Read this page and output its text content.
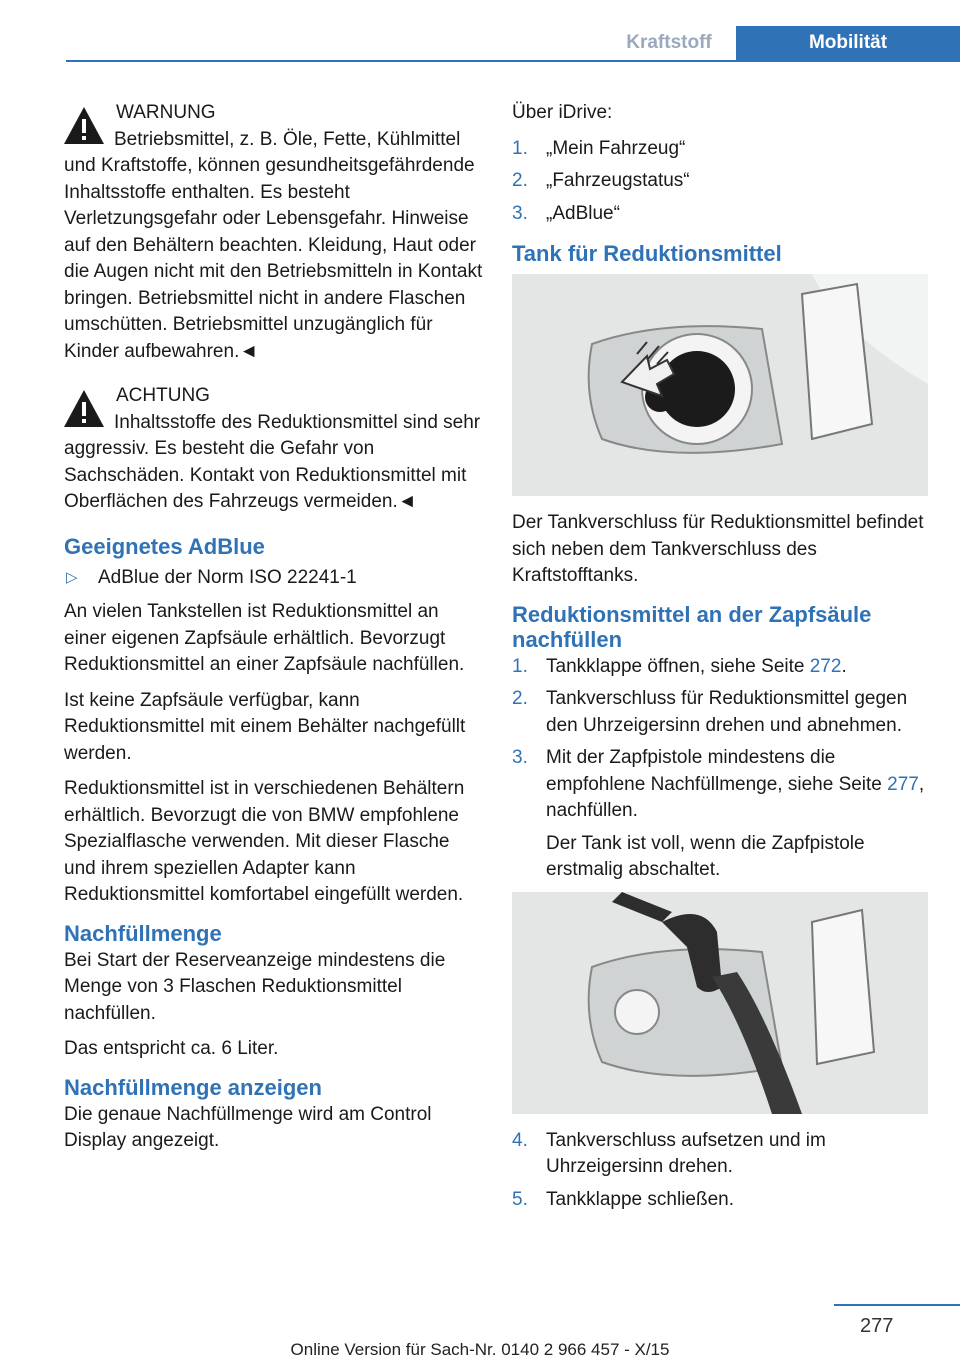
Kraftstoff	Mobilität
WARNUNG
Betriebsmittel, z. B. Öle, Fette, Kühlmittel und Kraftstoffe, können gesundheitsgefährdende Inhaltsstoffe enthalten. Es besteht Verletzungsgefahr oder Lebensgefahr. Hinweise auf den Behältern beachten. Kleidung, Haut oder die Augen nicht mit den Betriebsmitteln in Kontakt bringen. Betriebsmittel nicht in andere Flaschen umschütten. Betriebsmittel unzugänglich für Kinder aufbewahren.◄
ACHTUNG
Inhaltsstoffe des Reduktionsmittel sind sehr aggressiv. Es besteht die Gefahr von Sachschäden. Kontakt von Reduktionsmittel mit Oberflächen des Fahrzeugs vermeiden.◄
Geeignetes AdBlue
▷ AdBlue der Norm ISO 22241-1

An vielen Tankstellen ist Reduktionsmittel an einer eigenen Zapfsäule erhältlich. Bevorzugt Reduktionsmittel an einer Zapfsäule nachfüllen.

Ist keine Zapfsäule verfügbar, kann Reduktionsmittel mit einem Behälter nachgefüllt werden.

Reduktionsmittel ist in verschiedenen Behältern erhältlich. Bevorzugt die von BMW empfohlene Spezialflasche verwenden. Mit dieser Flasche und ihrem speziellen Adapter kann Reduktionsmittel komfortabel eingefüllt werden.

Nachfüllmenge

Bei Start der Reserveanzeige mindestens die Menge von 3 Flaschen Reduktionsmittel nachfüllen.

Das entspricht ca. 6 Liter.

Nachfüllmenge anzeigen

Die genaue Nachfüllmenge wird am Control Display angezeigt.

Über iDrive:

1. „Mein Fahrzeug“
2. „Fahrzeugstatus“
3. „AdBlue“
Tank für Reduktionsmittel

Der Tankverschluss für Reduktionsmittel befindet sich neben dem Tankverschluss des Kraftstofftanks.

Reduktionsmittel an der Zapfsäule nachfüllen
1. Tankklappe öffnen, siehe Seite 272.
2. Tankverschluss für Reduktionsmittel gegen den Uhrzeigersinn drehen und abnehmen.
3. Mit der Zapfpistole mindestens die empfohlene Nachfüllmenge, siehe Seite 277, nachfüllen.
Der Tank ist voll, wenn die Zapfpistole erstmalig abschaltet.
4. Tankverschluss aufsetzen und im Uhrzeigersinn drehen.
5. Tankklappe schließen.
277
Online Version für Sach-Nr. 0140 2 966 457 - X/15
